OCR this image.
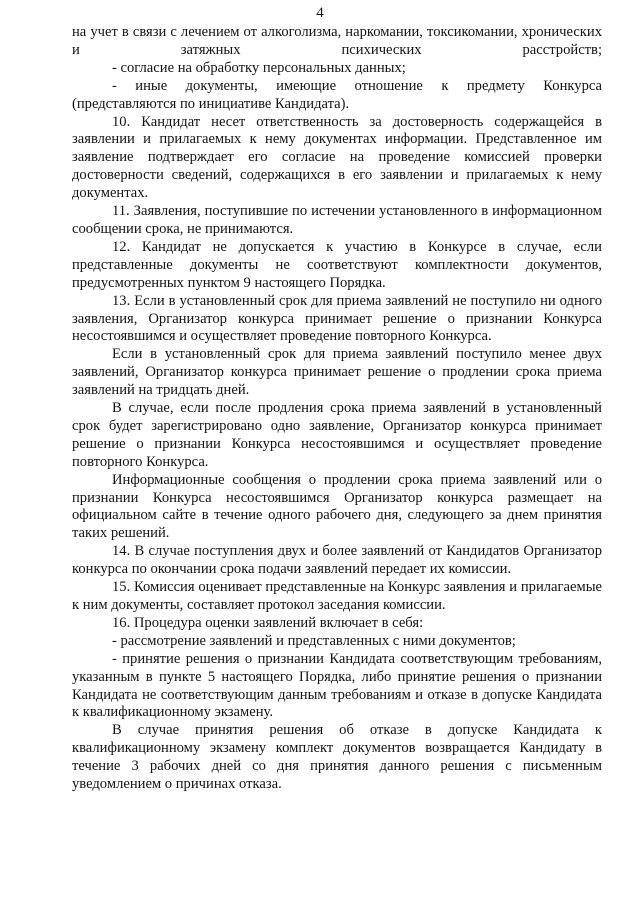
4

на учет в связи с лечением от алкоголизма, наркомании, токсикомании, хронических и затяжных психических расстройств;

- согласие на обработку персональных данных;

- иные документы, имеющие отношение к предмету Конкурса (представляются по инициативе Кандидата).

10. Кандидат несет ответственность за достоверность содержащейся в заявлении и прилагаемых к нему документах информации. Представленное им заявление подтверждает его согласие на проведение комиссией проверки достоверности сведений, содержащихся в его заявлении и прилагаемых к нему документах.

11. Заявления, поступившие по истечении установленного в информационном сообщении срока, не принимаются.

12. Кандидат не допускается к участию в Конкурсе в случае, если представленные документы не соответствуют комплектности документов, предусмотренных пунктом 9 настоящего Порядка.

13. Если в установленный срок для приема заявлений не поступило ни одного заявления, Организатор конкурса принимает решение о признании Конкурса несостоявшимся и осуществляет проведение повторного Конкурса.

Если в установленный срок для приема заявлений поступило менее двух заявлений, Организатор конкурса принимает решение о продлении срока приема заявлений на тридцать дней.

В случае, если после продления срока приема заявлений в установленный срок будет зарегистрировано одно заявление, Организатор конкурса принимает решение о признании Конкурса несостоявшимся и осуществляет проведение повторного Конкурса.

Информационные сообщения о продлении срока приема заявлений или о признании Конкурса несостоявшимся Организатор конкурса размещает на официальном сайте в течение одного рабочего дня, следующего за днем принятия таких решений.

14. В случае поступления двух и более заявлений от Кандидатов Организатор конкурса по окончании срока подачи заявлений передает их комиссии.

15. Комиссия оценивает представленные на Конкурс заявления и прилагаемые к ним документы, составляет протокол заседания комиссии.

16. Процедура оценки заявлений включает в себя:

- рассмотрение заявлений и представленных с ними документов;

- принятие решения о признании Кандидата соответствующим требованиям, указанным в пункте 5 настоящего Порядка, либо принятие решения о признании Кандидата не соответствующим данным требованиям и отказе в допуске Кандидата к квалификационному экзамену.

В случае принятия решения об отказе в допуске Кандидата к квалификационному экзамену комплект документов возвращается Кандидату в течение 3 рабочих дней со дня принятия данного решения с письменным уведомлением о причинах отказа.
